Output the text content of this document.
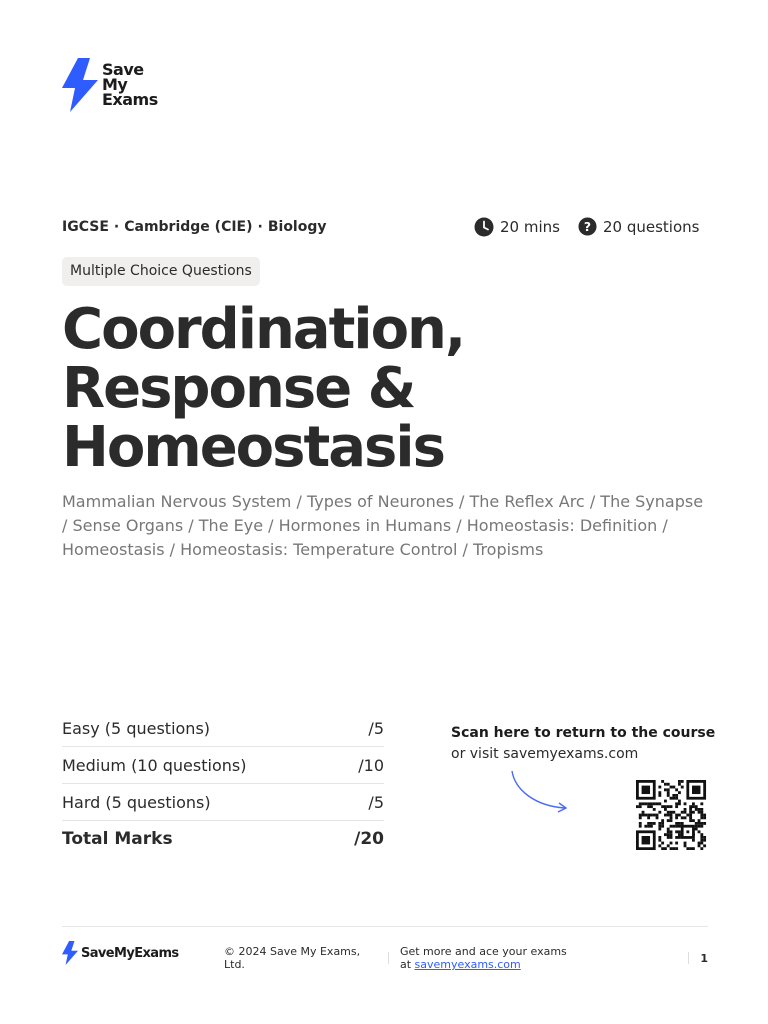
Save
My
Exams
IGCSE · Cambridge (CIE) · Biology	20 mins ? 20 questions
Multiple Choice Questions
Coordination,
Response &
Homeostasis
Mammalian Nervous System / Types of Neurones / The Reflex Arc / The Synapse / Sense Organs / The Eye / Hormones in Humans / Homeostasis: Definition / Homeostasis / Homeostasis: Temperature Control / Tropisms
Easy (5 questions)	/5
Medium (10 questions)	/10
Hard (5 questions)	/5
Total Marks	/20
Scan here to return to the course
or visit savemyexams.com
SaveMyExams	© 2024 Save My Exams, Ltd.
Get more and ace your exams at savemyexams.com	1
